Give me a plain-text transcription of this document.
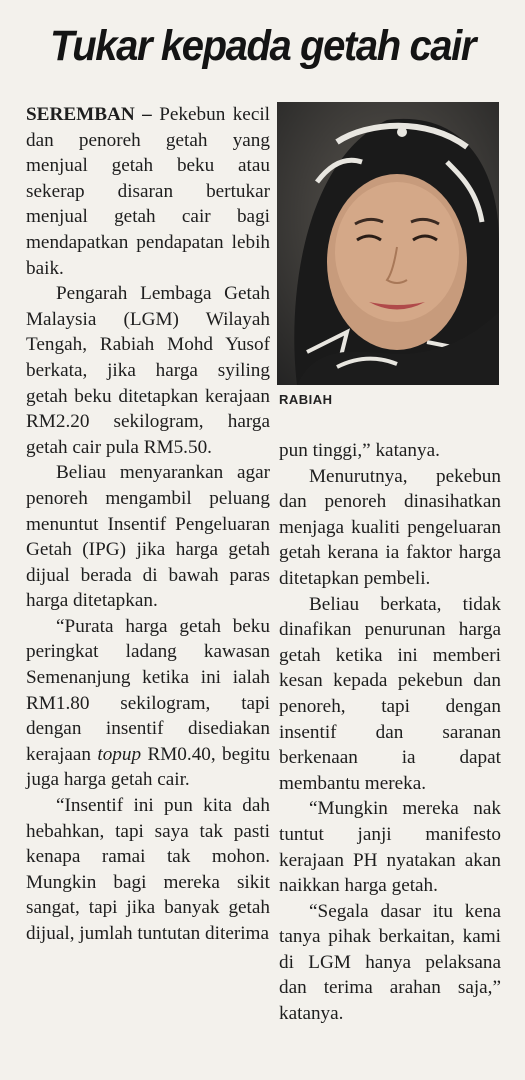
Tukar kepada getah cair

SEREMBAN – Pekebun kecil dan penoreh getah yang menjual getah beku atau sekerap disaran bertukar menjual getah cair bagi mendapatkan pendapatan lebih baik.

Pengarah Lembaga Getah Malaysia (LGM) Wilayah Tengah, Rabiah Mohd Yusof berkata, jika harga syiling getah beku ditetapkan kerajaan RM2.20 sekilogram, harga getah cair pula RM5.50.

Beliau menyarankan agar penoreh mengambil peluang menuntut Insentif Pengeluaran Getah (IPG) jika harga getah dijual berada di bawah paras harga ditetapkan.

“Purata harga getah beku peringkat ladang kawasan Semenanjung ketika ini ialah RM1.80 sekilogram, tapi dengan insentif disediakan kerajaan topup RM0.40, begitu juga harga getah cair.

“Insentif ini pun kita dah hebahkan, tapi saya tak pasti kenapa ramai tak mohon. Mungkin bagi mereka sikit sangat, tapi jika banyak getah dijual, jumlah tuntutan diterima

RABIAH

pun tinggi,” katanya.

Menurutnya, pekebun dan penoreh dinasihatkan menjaga kualiti pengeluaran getah kerana ia faktor harga ditetapkan pembeli.

Beliau berkata, tidak dinafikan penurunan harga getah ketika ini memberi kesan kepada pekebun dan penoreh, tapi dengan insentif dan saranan berkenaan ia dapat membantu mereka.

“Mungkin mereka nak tuntut janji manifesto kerajaan PH nyatakan akan naikkan harga getah.

“Segala dasar itu kena tanya pihak berkaitan, kami di LGM hanya pelaksana dan terima arahan saja,” katanya.
